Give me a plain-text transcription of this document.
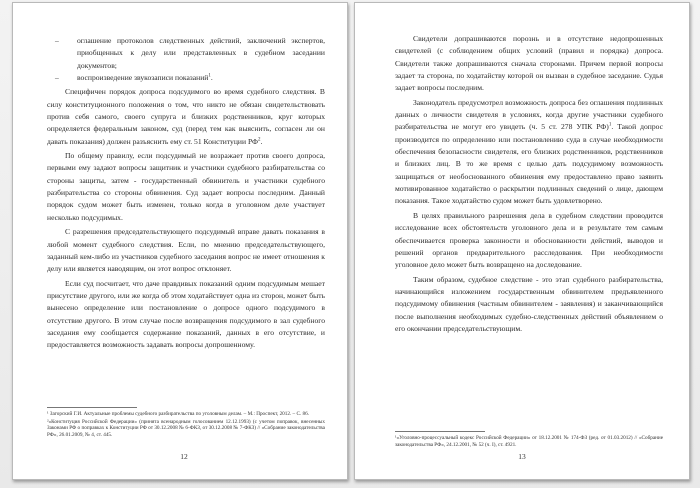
– оглашение протоколов следственных действий, заключений экспертов, приобщенных к делу или представленных в судебном заседании документов;
– воспроизведение звукозаписи показаний$^1$.

Специфичен порядок допроса подсудимого во время судебного следствия. В силу конституционного положения о том, что никто не обязан свидетельствовать против себя самого, своего супруга и близких родственников, круг которых определяется федеральным законом, суд (перед тем как выяснить, согласен ли он давать показания) должен разъяснить ему ст. 51 Конституции $РФ^2$.

По общему правилу, если подсудимый не возражает против своего допроса, первыми ему задают вопросы защитник и участники судебного разбирательства со стороны защиты, затем - государственный обвинитель и участники судебного разбирательства со стороны обвинения. Суд задает вопросы последним. Данный порядок судом может быть изменен, только когда в уголовном деле участвует несколько подсудимых.

С разрешения председательствующего подсудимый вправе давать показания в любой момент судебного следствия. Если, по мнению председательствующего, заданный кем-либо из участников судебного заседания вопрос не имеет отношения к делу или является наводящим, он этот вопрос отклоняет.

Если суд посчитает, что даче правдивых показаний одним подсудимым мешает присутствие другого, или же когда об этом ходатайствует одна из сторон, может быть вынесено определение или постановление о допросе одного подсудимого в отсутствие другого. В этом случае после возвращения подсудимого в зал судебного заседания ему сообщается содержание показаний, данных в его отсутствие, и предоставляется возможность задавать вопросы допрошенному.

¹ Загорский Г.И. Актуальные проблемы судебного разбирательства по уголовным делам. – М.: Проспект, 2012. – С. 86.

²«Конституция Российской Федерации» (принята всенародным голосованием 12.12.1993) (с учетом поправок, внесенных Законами РФ о поправках к Конституции РФ от 30.12.2008 № 6-ФКЗ, от 30.12.2008 № 7-ФКЗ) // «Собрание законодательства РФ», 26.01.2009, № 4, ст. 445.

12

Свидетели допрашиваются порознь и в отсутствие недопрошенных свидетелей (с соблюдением общих условий (правил и порядка) допроса. Свидетели также допрашиваются сначала сторонами. Причем первой вопросы задает та сторона, по ходатайству которой он вызван в судебное заседание. Судья задает вопросы последним.

Законодатель предусмотрел возможность допроса без оглашения подлинных данных о личности свидетеля в условиях, когда другие участники судебного разбирательства не могут его увидеть (ч. 5 ст. 278 УПК РФ)$^1$. Такой допрос производится по определению или постановлению суда в случае необходимости обеспечения безопасности свидетеля, его близких родственников, родственников и близких лиц. В то же время с целью дать подсудимому возможность защищаться от необоснованного обвинения ему предоставлено право заявить мотивированное ходатайство о раскрытии подлинных сведений о лице, дающем показания. Такое ходатайство судом может быть удовлетворено.

В целях правильного разрешения дела в судебном следствии проводится исследование всех обстоятельств уголовного дела и в результате тем самым обеспечивается проверка законности и обоснованности действий, выводов и решений органов предварительного расследования. При необходимости уголовное дело может быть возвращено на доследование.

Таким образом, судебное следствие - это этап судебного разбирательства, начинающийся изложением государственным обвинителем предъявленного подсудимому обвинения (частным обвинителем - заявления) и заканчивающийся после выполнения необходимых судебно-следственных действий объявлением о его окончании председательствующим.

¹«Уголовно-процессуальный кодекс Российской Федерации» от 18.12.2001 № 174-ФЗ (ред. от 01.03.2012) // «Собрание законодательства РФ», 24.12.2001, № 52 (ч. I), ст. 4921.

13
